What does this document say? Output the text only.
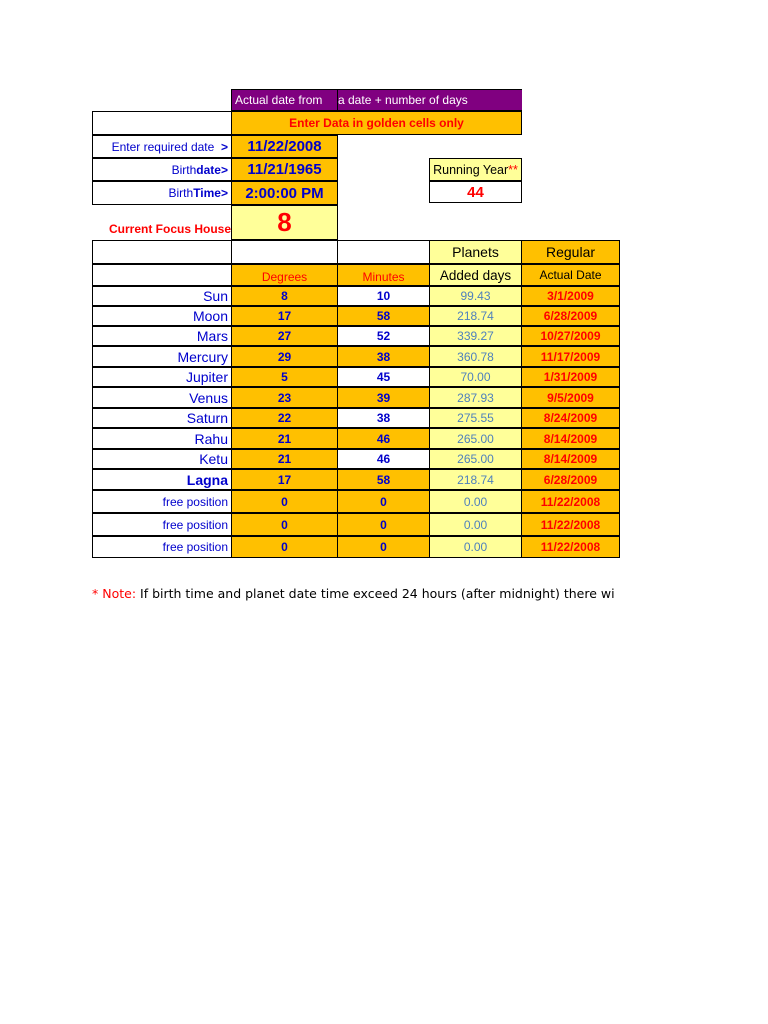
Actual date from	a date + number of days
Enter Data in golden cells only
Enter required date
> 11/22/2008
Birth date > 11/21/1965
Birth Time > 2:00:00 PM
Current Focus House 8
Running Year **
44
Planets	Regular
Degrees	Minutes	Added days Actual Date
Sun	8	10	99.43	3/1/2009
Moon	17	58	218.74	6/28/2009
Mars	27	52	339.27	10/27/2009
Mercury	29	38	360.78	11/17/2009
Jupiter	5	45	70.00	1/31/2009
Venus	23	39	287.93	9/5/2009
Saturn	22	38	275.55	8/24/2009
Rahu	21	46	265.00	8/14/2009
Ketu	21	46	265.00	8/14/2009
Lagna	17	58	218.74	6/28/2009
free position	0	0	0.00	11/22/2008
free position	0	0	0.00	11/22/2008
free position	0	0	0.00	11/22/2008
* Note: If birth time and planet date time exceed 24 hours (after midnight) there wi
